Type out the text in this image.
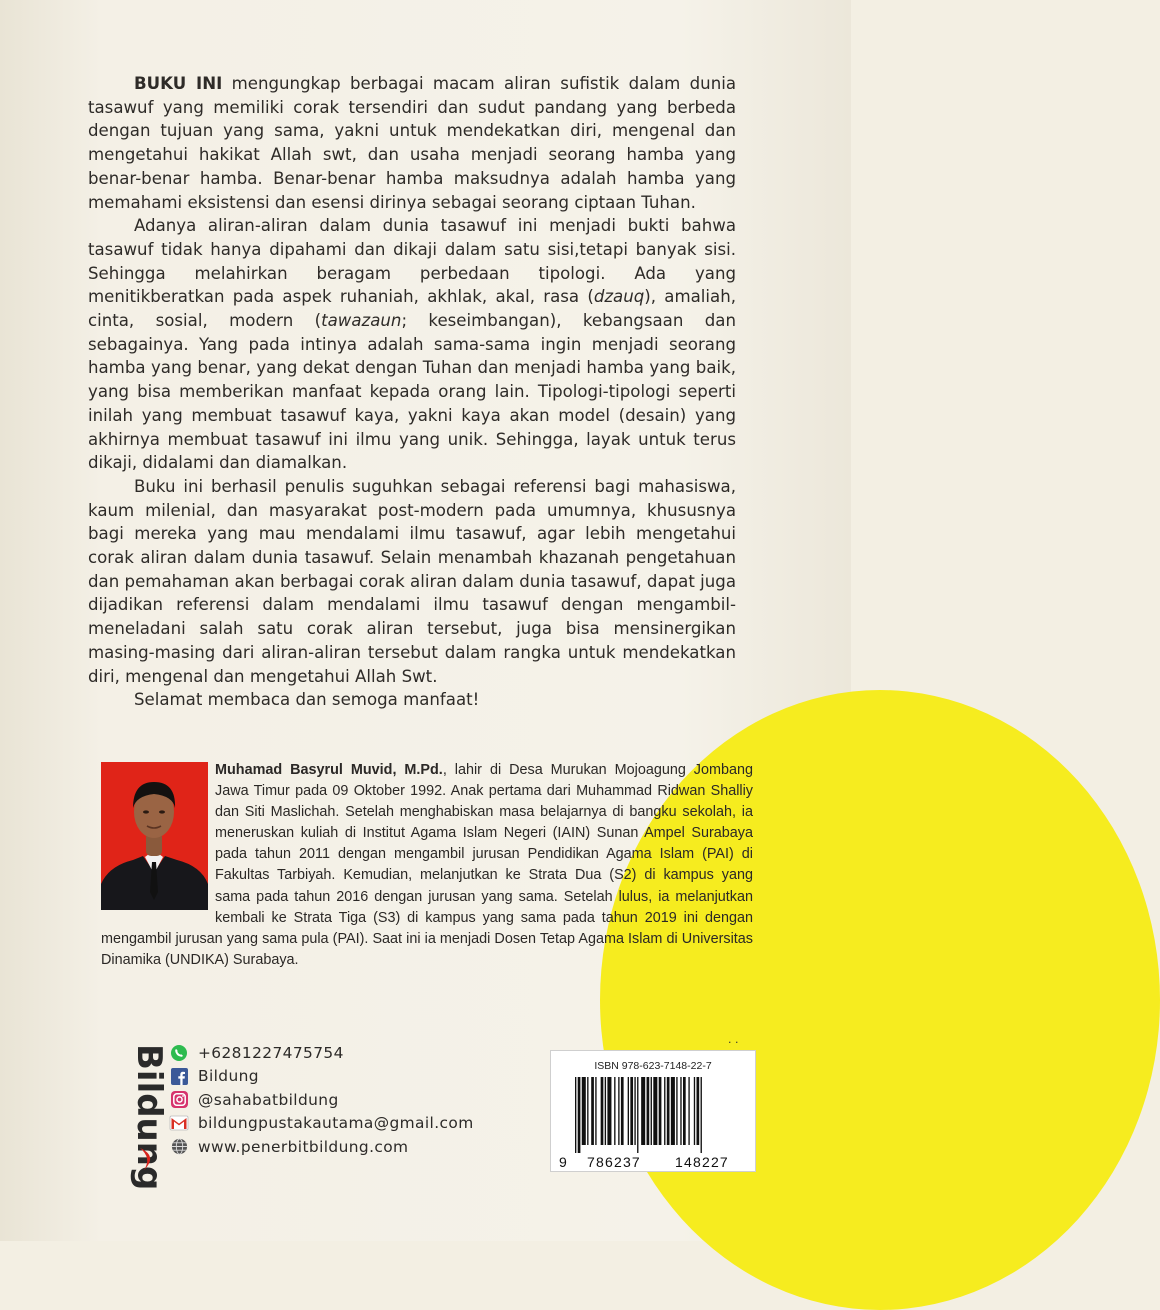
BUKU INI mengungkap berbagai macam aliran sufistik dalam dunia tasawuf yang memiliki corak tersendiri dan sudut pandang yang berbeda dengan tujuan yang sama, yakni untuk mendekatkan diri, mengenal dan mengetahui hakikat Allah swt, dan usaha menjadi seorang hamba yang benar-benar hamba. Benar-benar hamba maksudnya adalah hamba yang memahami eksistensi dan esensi dirinya sebagai seorang ciptaan Tuhan.

Adanya aliran-aliran dalam dunia tasawuf ini menjadi bukti bahwa tasawuf tidak hanya dipahami dan dikaji dalam satu sisi,tetapi banyak sisi. Sehingga melahirkan beragam perbedaan tipologi. Ada yang menitikberatkan pada aspek ruhaniah, akhlak, akal, rasa (dzauq), amaliah, cinta, sosial, modern (tawazaun; keseimbangan), kebangsaan dan sebagainya. Yang pada intinya adalah sama-sama ingin menjadi seorang hamba yang benar, yang dekat dengan Tuhan dan menjadi hamba yang baik, yang bisa memberikan manfaat kepada orang lain. Tipologi-tipologi seperti inilah yang membuat tasawuf kaya, yakni kaya akan model (desain) yang akhirnya membuat tasawuf ini ilmu yang unik. Sehingga, layak untuk terus dikaji, didalami dan diamalkan.

Buku ini berhasil penulis suguhkan sebagai referensi bagi mahasiswa, kaum milenial, dan masyarakat post-modern pada umumnya, khususnya bagi mereka yang mau mendalami ilmu tasawuf, agar lebih mengetahui corak aliran dalam dunia tasawuf. Selain menambah khazanah pengetahuan dan pemahaman akan berbagai corak aliran dalam dunia tasawuf, dapat juga dijadikan referensi dalam mendalami ilmu tasawuf dengan mengambil-meneladani salah satu corak aliran tersebut, juga bisa mensinergikan masing-masing dari aliran-aliran tersebut dalam rangka untuk mendekatkan diri, mengenal dan mengetahui Allah Swt.

Selamat membaca dan semoga manfaat!

Muhamad Basyrul Muvid, M.Pd., lahir di Desa Murukan Mojoagung Jombang Jawa Timur pada 09 Oktober 1992. Anak pertama dari Muhammad Ridwan Shalliy dan Siti Maslichah. Setelah menghabiskan masa belajarnya di bangku sekolah, ia meneruskan kuliah di Institut Agama Islam Negeri (IAIN) Sunan Ampel Surabaya pada tahun 2011 dengan mengambil jurusan Pendidikan Agama Islam (PAI) di Fakultas Tarbiyah. Kemudian, melanjutkan ke Strata Dua (S2) di kampus yang sama pada tahun 2016 dengan jurusan yang sama. Setelah lulus, ia melanjutkan kembali ke Strata Tiga (S3) di kampus yang sama pada tahun 2019 ini dengan mengambil jurusan yang sama pula (PAI). Saat ini ia menjadi Dosen Tetap Agama Islam di Universitas Dinamika (UNDIKA) Surabaya.
Bildung +6281227475754
Bildung
@sahabatbildung
bildungpustakautama@gmail.com
www.penerbitbildung.com
· ·
ISBN 978-623-7148-22-7
9 786237 148227
